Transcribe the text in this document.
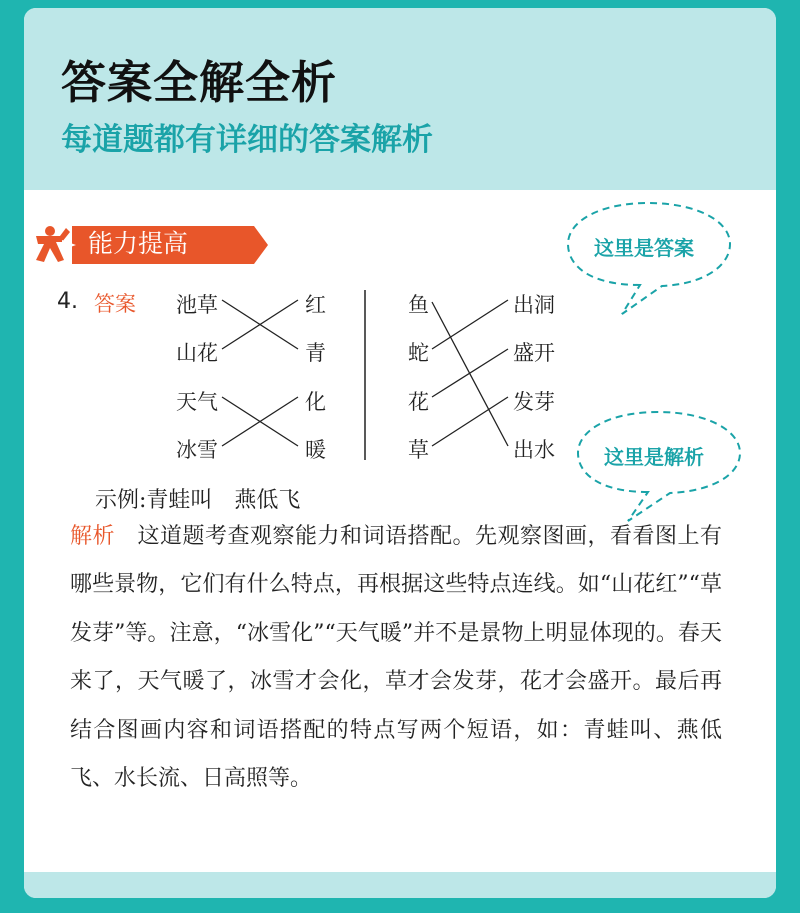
答案全解全析
每道题都有详细的答案解析
能力提高
4. 答案 池草
山花
天气
冰雪
红
青
化
暖
鱼
蛇
花
草
出洞
盛开
发芽
出水
示例:青蛙叫　燕低飞
解析　 这道题考查观察能力和词语搭配。先观察图画，看看图上有哪些景物，它们有什么特点，再根据这些特点连线。如“山花红”“草发芽”等。注意，“冰雪化”“天气暖”并不是景物上明显体现的。春天来了，天气暖了，冰雪才会化，草才会发芽，花才会盛开。最后再结合图画内容和词语搭配的特点写两个短语，如：青蛙叫、燕低飞、水长流、日高照等。
这里是答案
这里是解析
